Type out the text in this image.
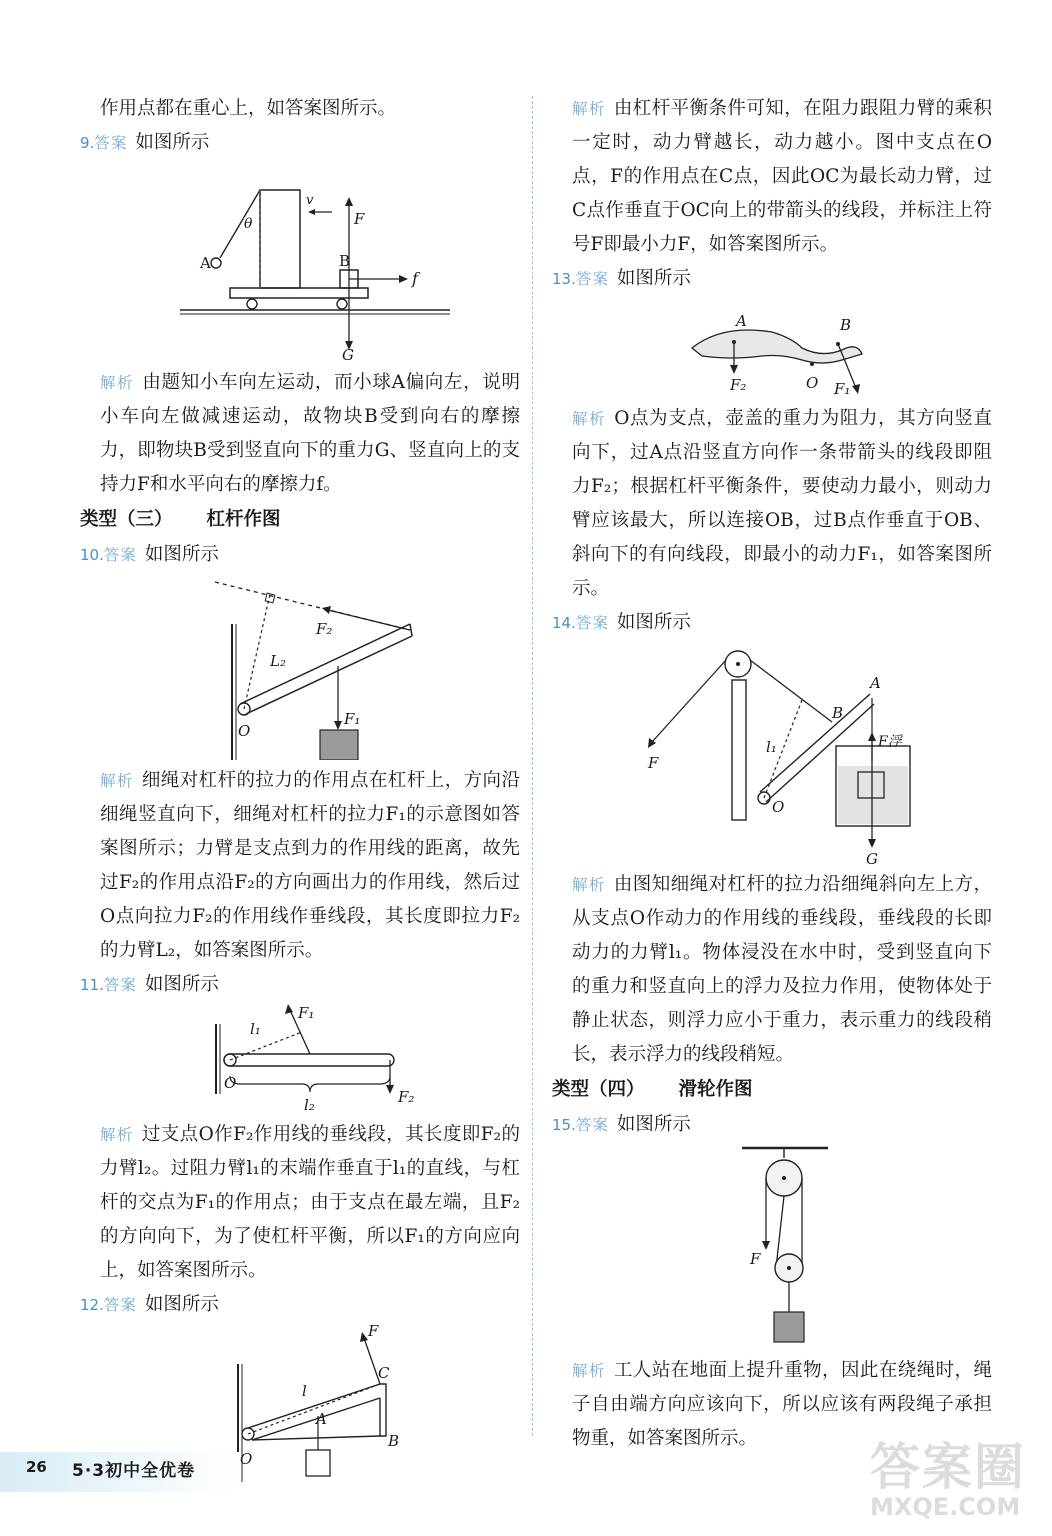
作用点都在重心上，如答案图所示。

9.答案 如图所示

A
θ
v
B
F
f
G

解析 由题知小车向左运动，而小球A偏向左，说明小车向左做减速运动，故物块B受到向右的摩擦力，即物块B受到竖直向下的重力G、竖直向上的支持力F和水平向右的摩擦力f。

类型（三） 杠杆作图

10.答案 如图所示

O
F₂
L₂
F₁

解析 细绳对杠杆的拉力的作用点在杠杆上，方向沿细绳竖直向下，细绳对杠杆的拉力F₁的示意图如答案图所示；力臂是支点到力的作用线的距离，故先过F₂的作用点沿F₂的方向画出力的作用线，然后过O点向拉力F₂的作用线作垂线段，其长度即拉力F₂的力臂L₂，如答案图所示。

11.答案 如图所示

O
l₁
F₁
F₂
l₂

解析 过支点O作F₂作用线的垂线段，其长度即F₂的力臂l₂。过阻力臂l₁的末端作垂直于l₁的直线，与杠杆的交点为F₁的作用点；由于支点在最左端，且F₂的方向向下，为了使杠杆平衡，所以F₁的方向应向上，如答案图所示。

12.答案 如图所示

O
l
A
C
B
F

解析 由杠杆平衡条件可知，在阻力跟阻力臂的乘积一定时，动力臂越长，动力越小。图中支点在O点，F的作用点在C点，因此OC为最长动力臂，过C点作垂直于OC向上的带箭头的线段，并标注上符号F即最小力F，如答案图所示。

13.答案 如图所示

A
F₂	O
B
F₁

解析 O点为支点，壶盖的重力为阻力，其方向竖直向下，过A点沿竖直方向作一条带箭头的线段即阻力F₂；根据杠杆平衡条件，要使动力最小，则动力臂应该最大，所以连接OB，过B点作垂直于OB、斜向下的有向线段，即最小的动力F₁，如答案图所示。

14.答案 如图所示

F
O
l₁
B
A
F浮
G

解析 由图知细绳对杠杆的拉力沿细绳斜向左上方，从支点O作动力的作用线的垂线段，垂线段的长即动力的力臂l₁。物体浸没在水中时，受到竖直向下的重力和竖直向上的浮力及拉力作用，使物体处于静止状态，则浮力应小于重力，表示重力的线段稍长，表示浮力的线段稍短。

类型（四） 滑轮作图

15.答案 如图所示

F

解析 工人站在地面上提升重物，因此在绕绳时，绳子自由端方向应该向下，所以应该有两段绳子承担物重，如答案图所示。

26 5·3初中全优卷	答案圈
MXQE.COM
